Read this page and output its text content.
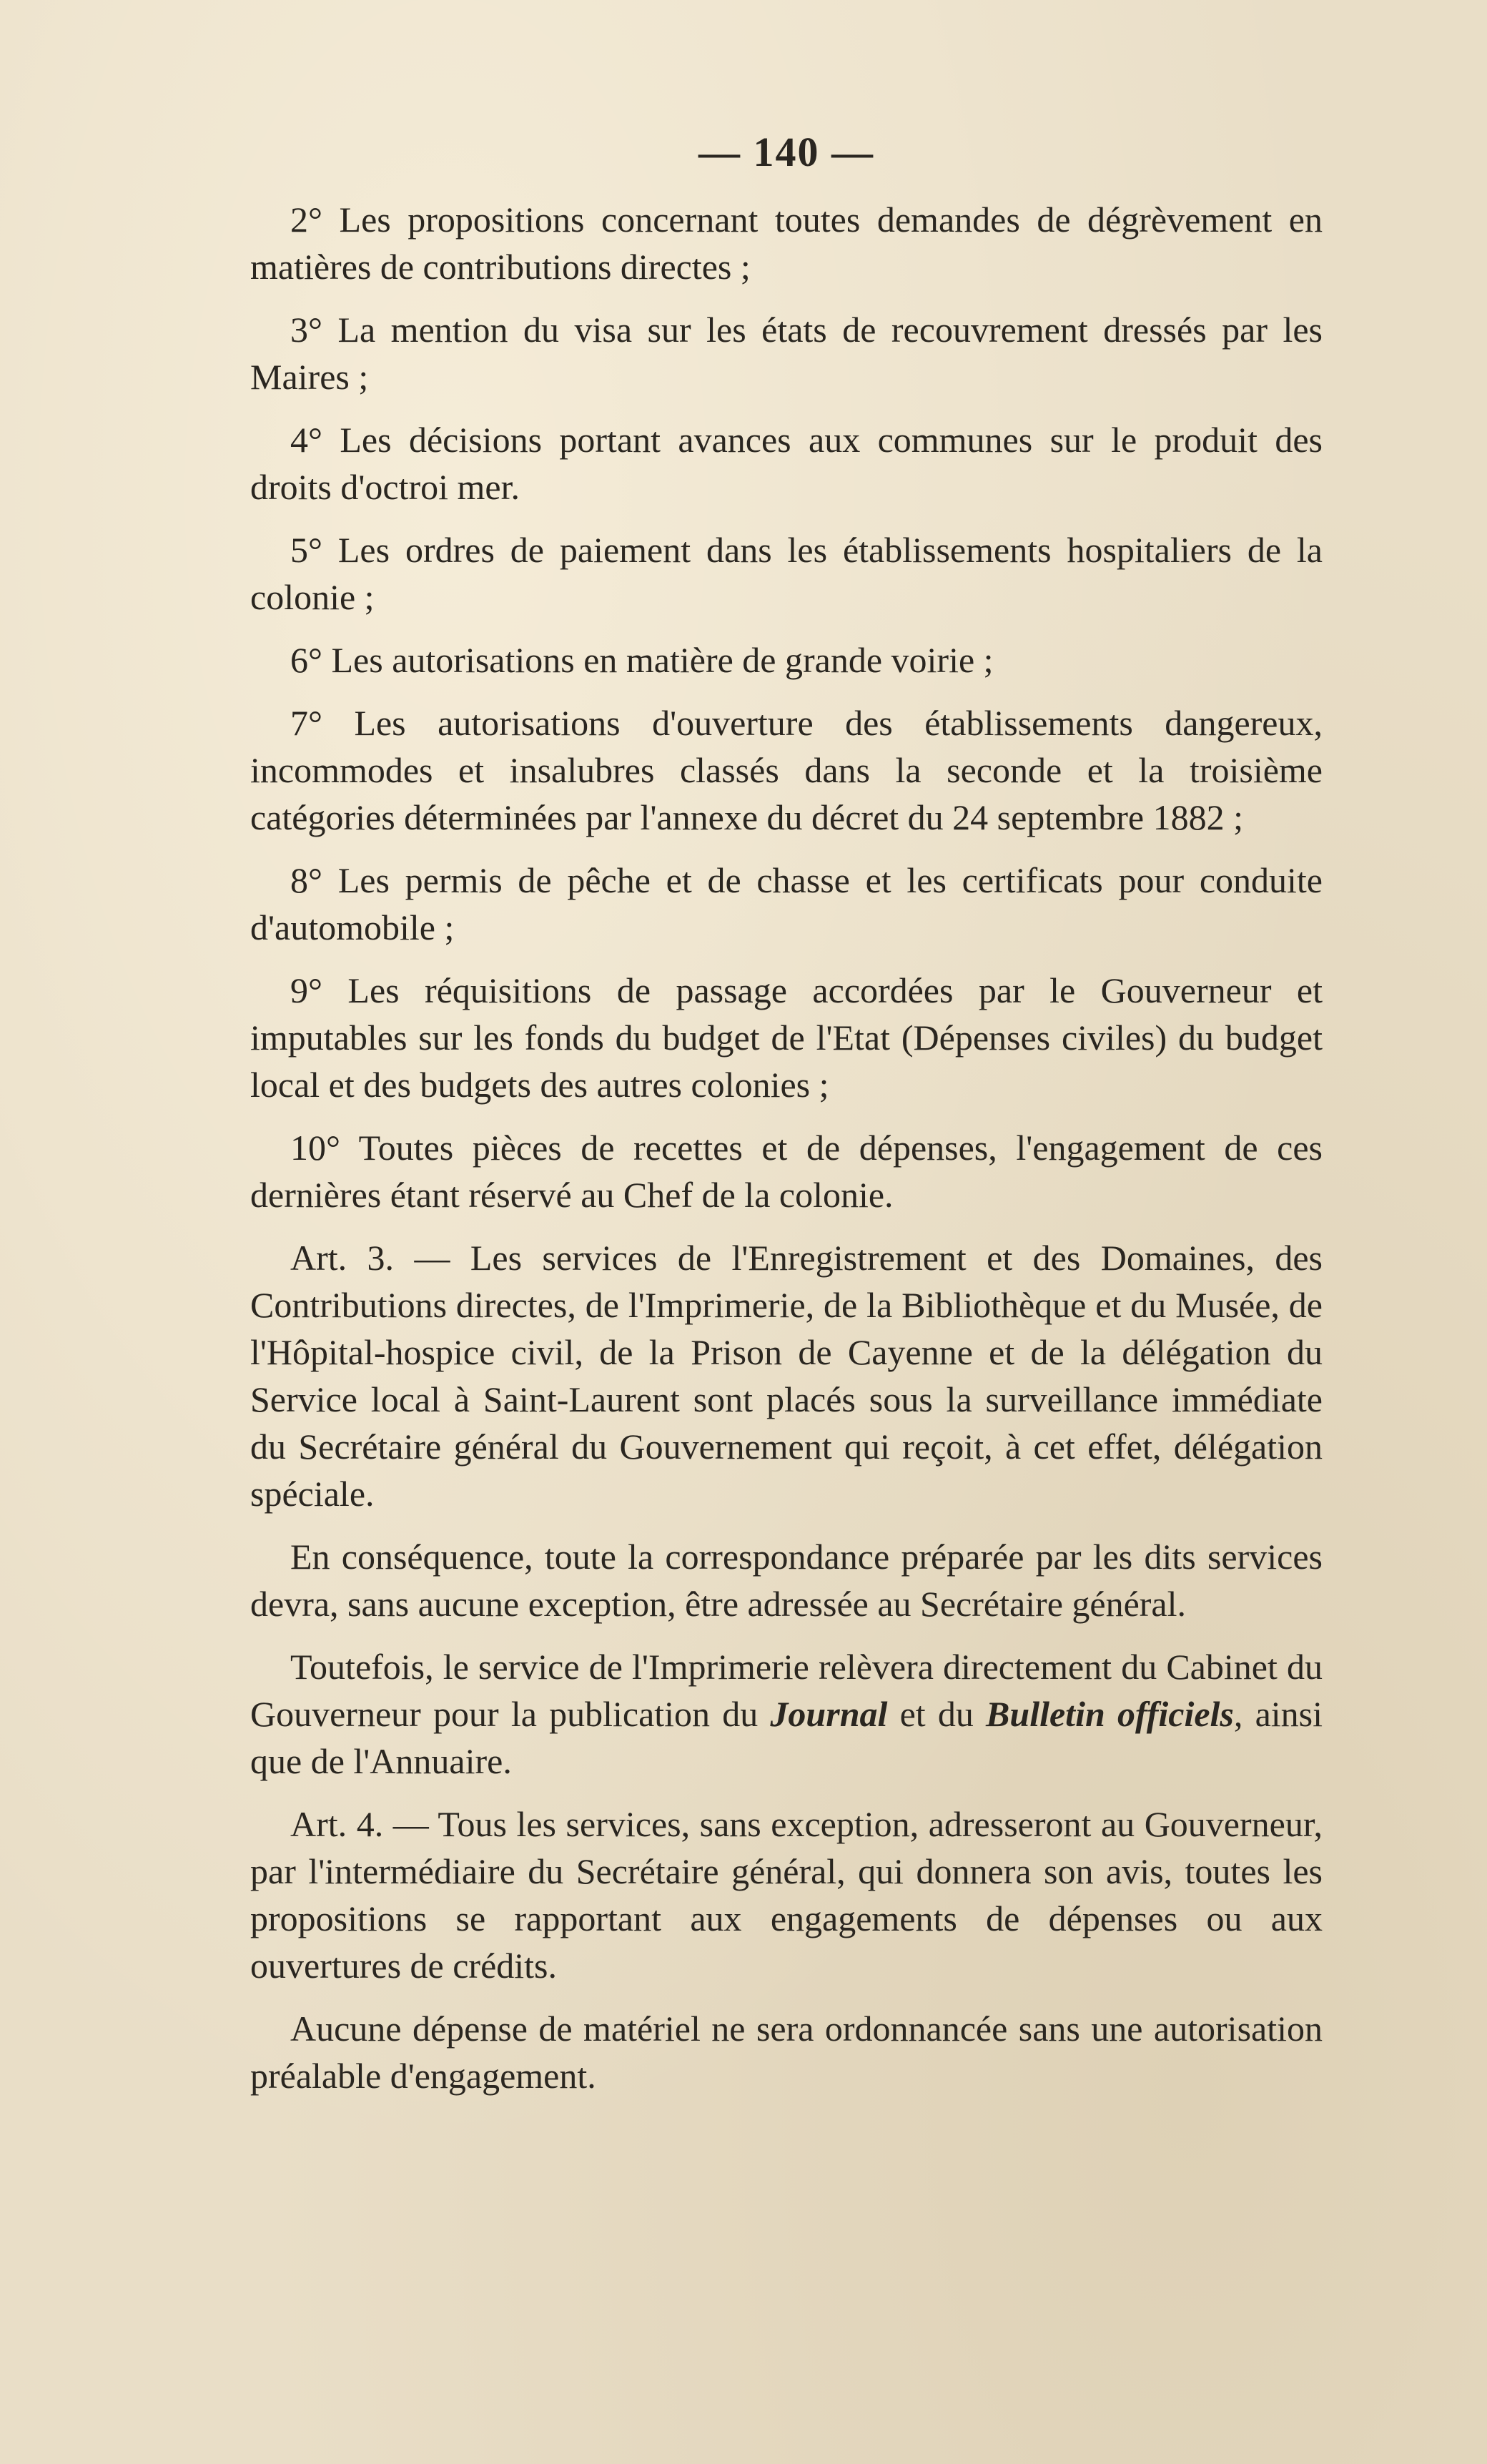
— 140 —

2° Les propositions concernant toutes demandes de dégrèvement en matières de contributions directes ;

3° La mention du visa sur les états de recouvrement dressés par les Maires ;

4° Les décisions portant avances aux communes sur le produit des droits d'octroi mer.

5° Les ordres de paiement dans les établissements hospitaliers de la colonie ;

6° Les autorisations en matière de grande voirie ;

7° Les autorisations d'ouverture des établissements dangereux, incommodes et insalubres classés dans la seconde et la troisième catégories déterminées par l'annexe du décret du 24 septembre 1882 ;

8° Les permis de pêche et de chasse et les certificats pour conduite d'automobile ;

9° Les réquisitions de passage accordées par le Gouverneur et imputables sur les fonds du budget de l'Etat (Dépenses civiles) du budget local et des budgets des autres colonies ;

10° Toutes pièces de recettes et de dépenses, l'engagement de ces dernières étant réservé au Chef de la colonie.

Art. 3. — Les services de l'Enregistrement et des Domaines, des Contributions directes, de l'Imprimerie, de la Bibliothèque et du Musée, de l'Hôpital-hospice civil, de la Prison de Cayenne et de la délégation du Service local à Saint-Laurent sont placés sous la surveillance immédiate du Secrétaire général du Gouvernement qui reçoit, à cet effet, délégation spéciale.

En conséquence, toute la correspondance préparée par les dits services devra, sans aucune exception, être adressée au Secrétaire général.

Toutefois, le service de l'Imprimerie relèvera directement du Cabinet du Gouverneur pour la publication du Journal et du Bulletin officiels, ainsi que de l'Annuaire.

Art. 4. — Tous les services, sans exception, adresseront au Gouverneur, par l'intermédiaire du Secrétaire général, qui donnera son avis, toutes les propositions se rapportant aux engagements de dépenses ou aux ouvertures de crédits.

Aucune dépense de matériel ne sera ordonnancée sans une autorisation préalable d'engagement.
